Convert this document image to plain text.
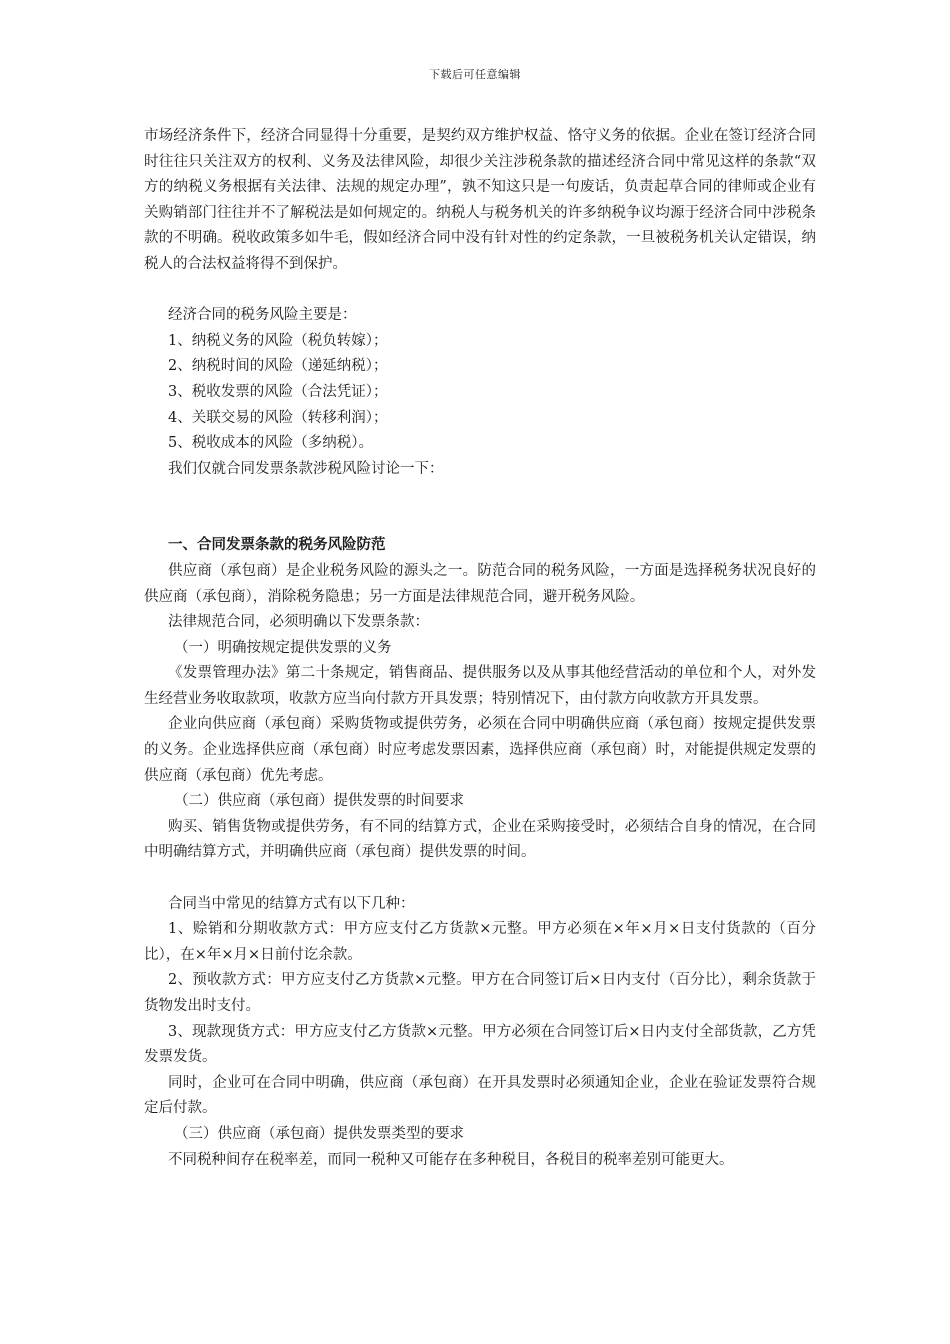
下载后可任意编辑

市场经济条件下，经济合同显得十分重要，是契约双方维护权益、恪守义务的依据。企业在签订经济合同时往往只关注双方的权利、义务及法律风险，却很少关注涉税条款的描述经济合同中常见这样的条款“双方的纳税义务根据有关法律、法规的规定办理”，孰不知这只是一句废话，负责起草合同的律师或企业有关购销部门往往并不了解税法是如何规定的。纳税人与税务机关的许多纳税争议均源于经济合同中涉税条款的不明确。税收政策多如牛毛，假如经济合同中没有针对性的约定条款，一旦被税务机关认定错误，纳税人的合法权益将得不到保护。

经济合同的税务风险主要是：

1、纳税义务的风险（税负转嫁）；

2、纳税时间的风险（递延纳税）；

3、税收发票的风险（合法凭证）；

4、关联交易的风险（转移利润）；

5、税收成本的风险（多纳税）。

我们仅就合同发票条款涉税风险讨论一下：

一、合同发票条款的税务风险防范

供应商（承包商）是企业税务风险的源头之一。防范合同的税务风险，一方面是选择税务状况良好的供应商（承包商），消除税务隐患；另一方面是法律规范合同，避开税务风险。

法律规范合同，必须明确以下发票条款：

（一）明确按规定提供发票的义务

《发票管理办法》第二十条规定，销售商品、提供服务以及从事其他经营活动的单位和个人，对外发生经营业务收取款项，收款方应当向付款方开具发票；特别情况下，由付款方向收款方开具发票。

企业向供应商（承包商）采购货物或提供劳务，必须在合同中明确供应商（承包商）按规定提供发票的义务。企业选择供应商（承包商）时应考虑发票因素，选择供应商（承包商）时，对能提供规定发票的供应商（承包商）优先考虑。

（二）供应商（承包商）提供发票的时间要求

购买、销售货物或提供劳务，有不同的结算方式，企业在采购接受时，必须结合自身的情况，在合同中明确结算方式，并明确供应商（承包商）提供发票的时间。

合同当中常见的结算方式有以下几种：

1、赊销和分期收款方式：甲方应支付乙方货款×元整。甲方必须在×年×月×日支付货款的（百分比），在×年×月×日前付讫余款。

2、预收款方式：甲方应支付乙方货款×元整。甲方在合同签订后×日内支付（百分比），剩余货款于货物发出时支付。

3、现款现货方式：甲方应支付乙方货款×元整。甲方必须在合同签订后×日内支付全部货款，乙方凭发票发货。

同时，企业可在合同中明确，供应商（承包商）在开具发票时必须通知企业，企业在验证发票符合规定后付款。

（三）供应商（承包商）提供发票类型的要求

不同税种间存在税率差，而同一税种又可能存在多种税目，各税目的税率差别可能更大。
